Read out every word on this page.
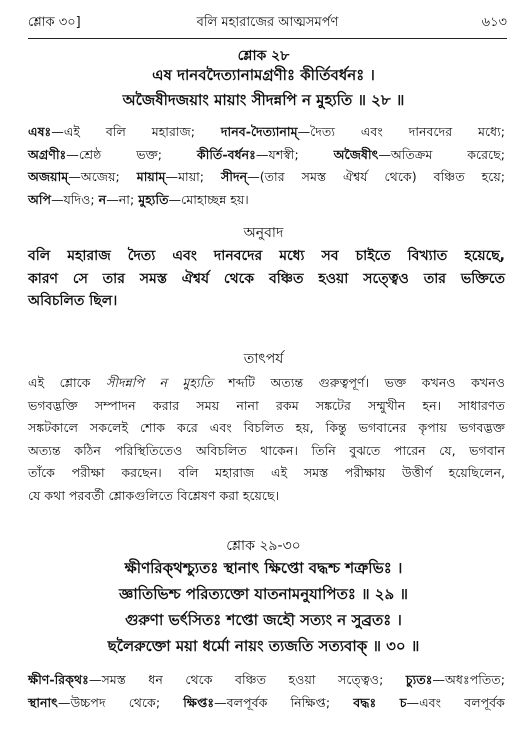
শ্লোক ৩০]	বলি মহারাজের আত্মসমর্পণ	৬১৩
শ্লোক ২৮
এষ দানবদৈত্যানামগ্রণীঃ কীর্তিবর্ধনঃ ।
অজৈষীদজয়াং মায়াং সীদন্নপি ন মুহ্যতি ॥ ২৮ ॥
এষঃ—এই বলি মহারাজ; দানব-দৈত্যানাম্—দৈত্য এবং দানবদের মধ্যে;
অগ্রণীঃ—শ্রেষ্ঠ ভক্ত; কীর্তি-বর্ধনঃ—যশস্বী; অজৈষীৎ—অতিক্রম করেছে;
অজয়াম্—অজেয়; মায়াম্—মায়া; সীদন্—(তার সমস্ত ঐশ্বর্য থেকে) বঞ্চিত হয়ে;
অপি—যদিও; ন—না; মুহ্যতি—মোহাচ্ছন্ন হয়।
অনুবাদ
বলি মহারাজ দৈত্য এবং দানবদের মধ্যে সব চাইতে বিখ্যাত হয়েছে,
কারণ সে তার সমস্ত ঐশ্বর্য থেকে বঞ্চিত হওয়া সত্ত্বেও তার ভক্তিতে
অবিচলিত ছিল।
তাৎপর্য
এই শ্লোকে সীদন্নপি ন মুহ্যতি শব্দটি অত্যন্ত গুরুত্বপূর্ণ। ভক্ত কখনও কখনও
ভগবদ্ভক্তি সম্পাদন করার সময় নানা রকম সঙ্কটের সম্মুখীন হন। সাধারণত
সঙ্কটকালে সকলেই শোক করে এবং বিচলিত হয়, কিন্তু ভগবানের কৃপায় ভগবদ্ভক্ত
অত্যন্ত কঠিন পরিস্থিতিতেও অবিচলিত থাকেন। তিনি বুঝতে পারেন যে, ভগবান
তাঁকে পরীক্ষা করছেন। বলি মহারাজ এই সমস্ত পরীক্ষায় উত্তীর্ণ হয়েছিলেন,
যে কথা পরবর্তী শ্লোকগুলিতে বিশ্লেষণ করা হয়েছে।
শ্লোক ২৯-৩০
ক্ষীণরিক্থশ্চ্যুতঃ স্থানাৎ ক্ষিপ্তো বদ্ধশ্চ শত্রুভিঃ ।
জ্ঞাতিভিশ্চ পরিত্যক্তো যাতনামনুযাপিতঃ ॥ ২৯ ॥
গুরুণা ভর্ৎসিতঃ শপ্তো জহৌ সত্যং ন সুব্রতঃ ।
ছলৈরুক্তো ময়া ধর্মো নায়ং ত্যজতি সত্যবাক্ ॥ ৩০ ॥
ক্ষীণ-রিক্থঃ—সমস্ত ধন থেকে বঞ্চিত হওয়া সত্ত্বেও; চ্যুতঃ—অধঃপতিত;
স্থানাৎ—উচ্চপদ থেকে; ক্ষিপ্তঃ—বলপূর্বক নিক্ষিপ্ত; বদ্ধঃ চ—এবং বলপূর্বক
